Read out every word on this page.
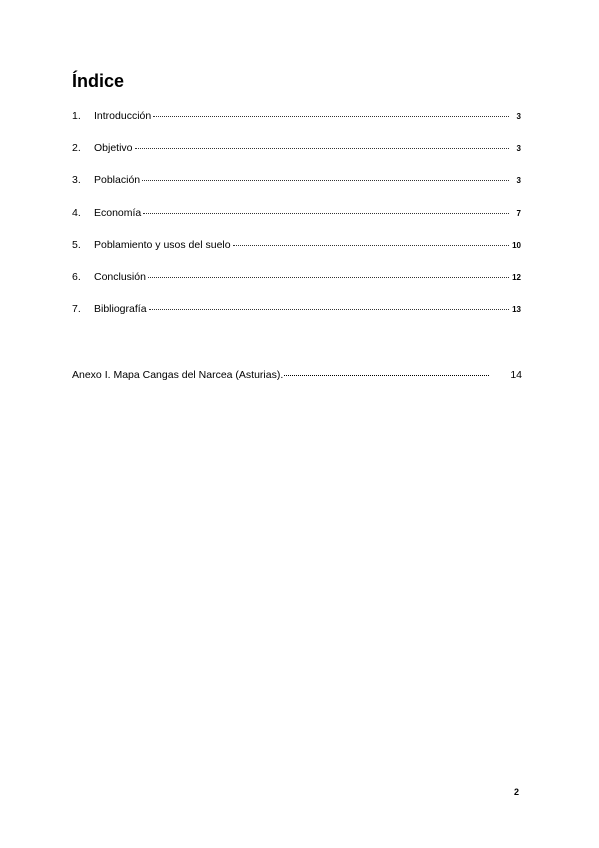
Índice
1.	Introducción	3
2.	Objetivo	3
3.	Población	3
4.	Economía	7
5.	Poblamiento y usos del suelo	10
6.	Conclusión	12
7.	Bibliografía	13
Anexo I. Mapa Cangas del Narcea (Asturias).	14
2
